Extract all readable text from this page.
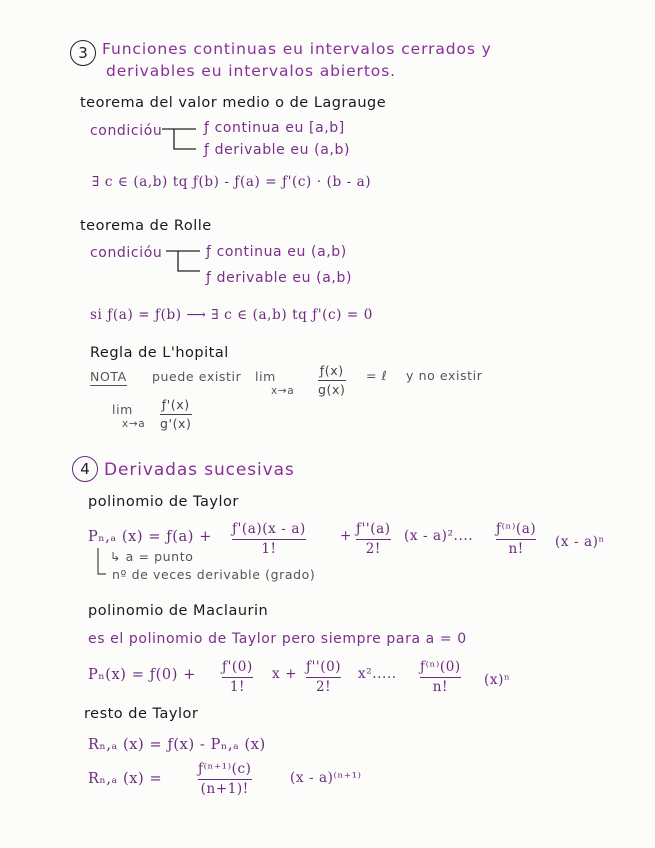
3 Funciones continuas eu intervalos cerrados y
derivables eu intervalos abiertos.
teorema del valor medio o de Lagrauge
condicióu	ƒ continua eu [a,b]
ƒ derivable eu (a,b)
∃ c ∈ (a,b) tq ƒ(b) - ƒ(a) = ƒ'(c) · (b - a)
teorema de Rolle
condicióu	ƒ continua eu (a,b)
ƒ derivable eu (a,b)
si ƒ(a) = ƒ(b) ⟶ ∃ c ∈ (a,b) tq ƒ'(c) = 0
Regla de L'hopital
NOTA puede existir lim
x→a
ƒ(x)
g(x)
= ℓ y no existir
lim
x→a
ƒ'(x)
g'(x)
4 Derivadas sucesivas
polinomio de Taylor
Pₙ,ₐ (x) = ƒ(a) + ƒ'(a)(x - a)
1!
+ ƒ''(a)
2!
(x - a)².... ƒ⁽ⁿ⁾(a)
n!	(x - a)ⁿ
↳ a = punto
nº de veces derivable (grado)
polinomio de Maclaurin
es el polinomio de Taylor pero siempre para a = 0
Pₙ(x) = ƒ(0) + ƒ'(0)
1!
x + ƒ''(0)
2!
x²..... ƒ⁽ⁿ⁾(0)
n!	(x)ⁿ
resto de Taylor
Rₙ,ₐ (x) = ƒ(x) - Pₙ,ₐ (x)
Rₙ,ₐ (x) =
ƒ⁽ⁿ⁺¹⁾(c)
(n+1)!
(x - a)⁽ⁿ⁺¹⁾
